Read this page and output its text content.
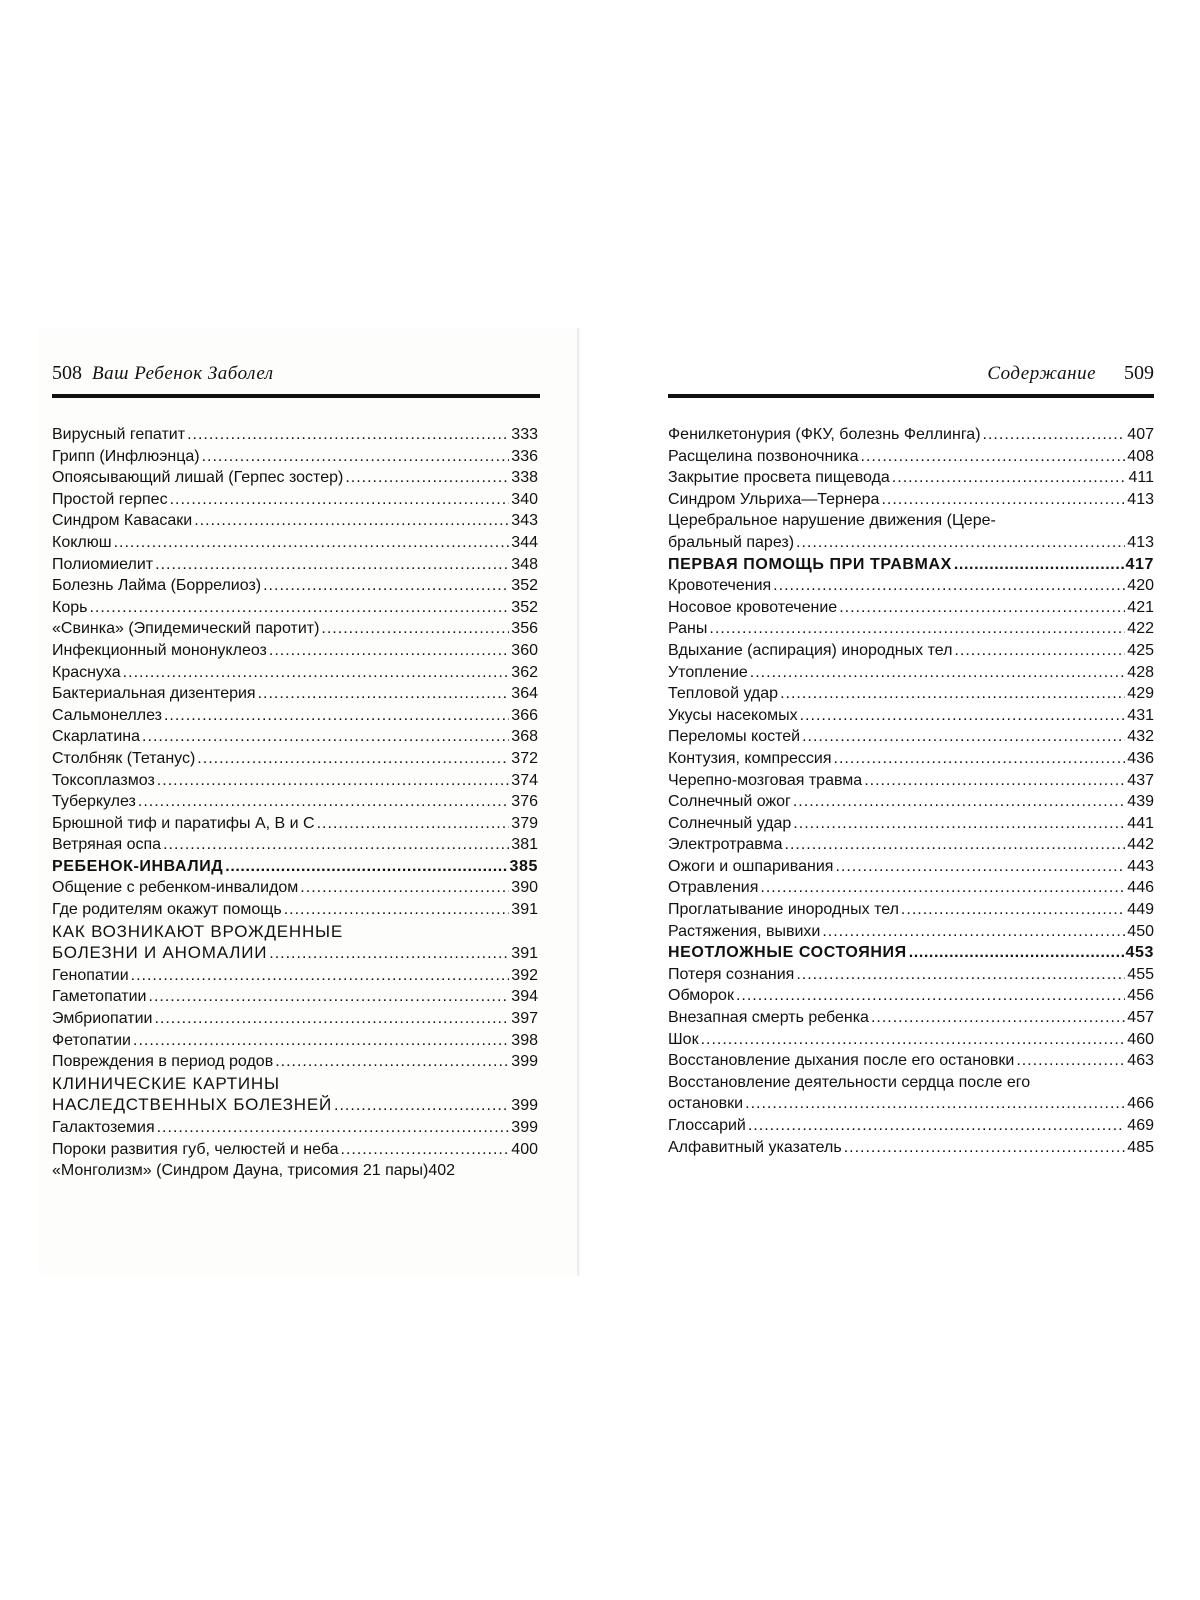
508 Ваш Ребенок Заболел
Вирусный гепатит .....	333
Грипп (Инфлюэнца) .....	336
Опоясывающий лишай (Герпес зостер) .....	338
Простой герпес .....	340
Синдром Кавасаки .....	343
Коклюш .....	344
Полиомиелит .....	348
Болезнь Лайма (Боррелиоз) .....	352
Корь .....	352
«Свинка» (Эпидемический паротит) .....	356
Инфекционный мононуклеоз .....	360
Краснуха .....	362
Бактериальная дизентерия .....	364
Сальмонеллез .....	366
Скарлатина .....	368
Столбняк (Тетанус) .....	372
Токсоплазмоз .....	374
Туберкулез .....	376
Брюшной тиф и паратифы А, В и С .....	379
Ветряная оспа .....	381
РЕБЕНОК-ИНВАЛИД .....	385
Общение с ребенком-инвалидом .....	390
Где родителям окажут помощь .....	391
КАК ВОЗНИКАЮТ ВРОЖДЕННЫЕ
БОЛЕЗНИ И АНОМАЛИИ .....	391
Генопатии .....	392
Гаметопатии .....	394
Эмбриопатии .....	397
Фетопатии .....	398
Повреждения в период родов .....	399
КЛИНИЧЕСКИЕ КАРТИНЫ
НАСЛЕДСТВЕННЫХ БОЛЕЗНЕЙ .....	399
Галактоземия .....	399
Пороки развития губ, челюстей и неба .....	400
«Монголизм» (Синдром Дауна, трисомия 21 пары) 402
Содержание 509
Фенилкетонурия (ФКУ, болезнь Феллинга) .....	407
Расщелина позвоночника .....	408
Закрытие просвета пищевода .....	411
Синдром Ульриха—Тернера .....	413
Церебральное нарушение движения (Цере-
бральный парез) .....	413
ПЕРВАЯ ПОМОЩЬ ПРИ ТРАВМАХ .....	417
Кровотечения .....	420
Носовое кровотечение .....	421
Раны .....	422
Вдыхание (аспирация) инородных тел .....	425
Утопление .....	428
Тепловой удар .....	429
Укусы насекомых .....	431
Переломы костей .....	432
Контузия, компрессия .....	436
Черепно-мозговая травма .....	437
Солнечный ожог .....	439
Солнечный удар .....	441
Электротравма .....	442
Ожоги и ошпаривания .....	443
Отравления .....	446
Проглатывание инородных тел .....	449
Растяжения, вывихи .....	450
НЕОТЛОЖНЫЕ СОСТОЯНИЯ .....	453
Потеря сознания .....	455
Обморок .....	456
Внезапная смерть ребенка .....	457
Шок .....	460
Восстановление дыхания после его остановки .....	463
Восстановление деятельности сердца после его
остановки .....	466
Глоссарий .....	469
Алфавитный указатель .....	485
